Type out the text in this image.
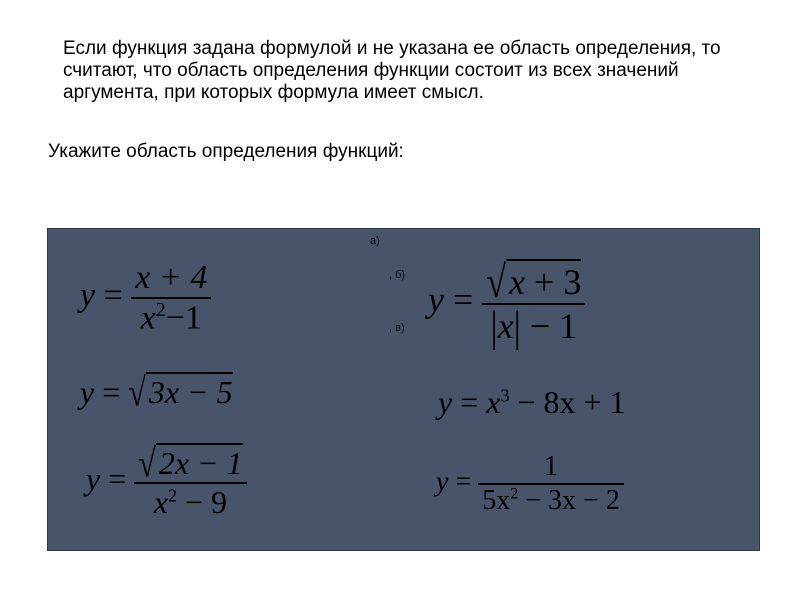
Если функция задана формулой и не указана ее область определения, то считают, что область определения функции состоит из всех значений аргумента, при которых формула имеет смысл.

Укажите область определения функций:

а)
, б)
, в)
$y = \frac{x + 4}{x^2-1}$	$y = \frac{√x + 3}{|x| - 1}$
y = √3x − 5	$y = x^3 - 8x + 1$
$y = \frac{√2x - 1}{x^2 - 9}$	$y = \frac{1}{5x^2 - 3x - 2}$
